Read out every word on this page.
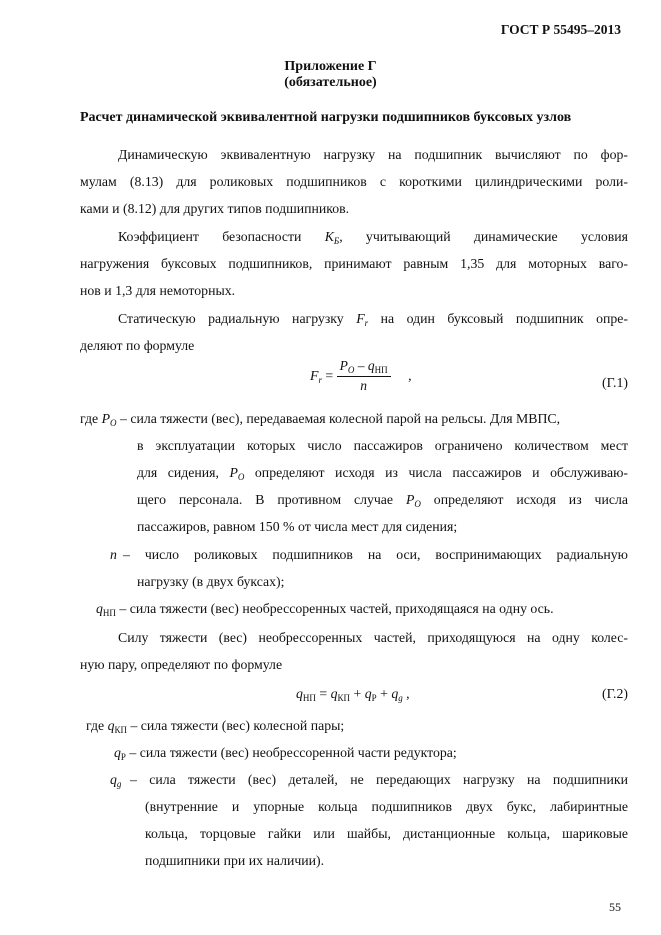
ГОСТ Р 55495–2013
Приложение Г
(обязательное)
Расчет динамической эквивалентной нагрузки подшипников буксовых узлов
Динамическую эквивалентную нагрузку на подшипник вычисляют по фор-
мулам (8.13) для роликовых подшипников с короткими цилиндрическими роли-
ками и (8.12) для других типов подшипников.
Коэффициент безопасности $K_Б$, учитывающий динамические условия
нагружения буксовых подшипников, принимают равным 1,35 для моторных ваго-
нов и 1,3 для немоторных.
Статическую радиальную нагрузку $F_r$ на один буксовый подшипник опре-
деляют по формуле
$F_r = \frac{P_O - q_{НП}}{n}$ ,	(Г.1)
где $P_O$ – сила тяжести (вес), передаваемая колесной парой на рельсы. Для МВПС,
в эксплуатации которых число пассажиров ограничено количеством мест
для сидения, $P_O$ определяют исходя из числа пассажиров и обслуживаю-
щего персонала. В противном случае $P_O$ определяют исходя из числа
пассажиров, равном 150 % от числа мест для сидения;
n – число роликовых подшипников на оси, воспринимающих радиальную
нагрузку (в двух буксах);
$q_{НП}$ – сила тяжести (вес) необрессоренных частей, приходящаяся на одну ось.
Силу тяжести (вес) необрессоренных частей, приходящуюся на одну колес-
ную пару, определяют по формуле
$q_{НП} = q_{КП} + q_Р + q_g$ ,	(Г.2)
где $q_{КП}$ – сила тяжести (вес) колесной пары;
$q_Р$ – сила тяжести (вес) необрессоренной части редуктора;
$q_g$ – сила тяжести (вес) деталей, не передающих нагрузку на подшипники
(внутренние и упорные кольца подшипников двух букс, лабиринтные
кольца, торцовые гайки или шайбы, дистанционные кольца, шариковые
подшипники при их наличии).
55
